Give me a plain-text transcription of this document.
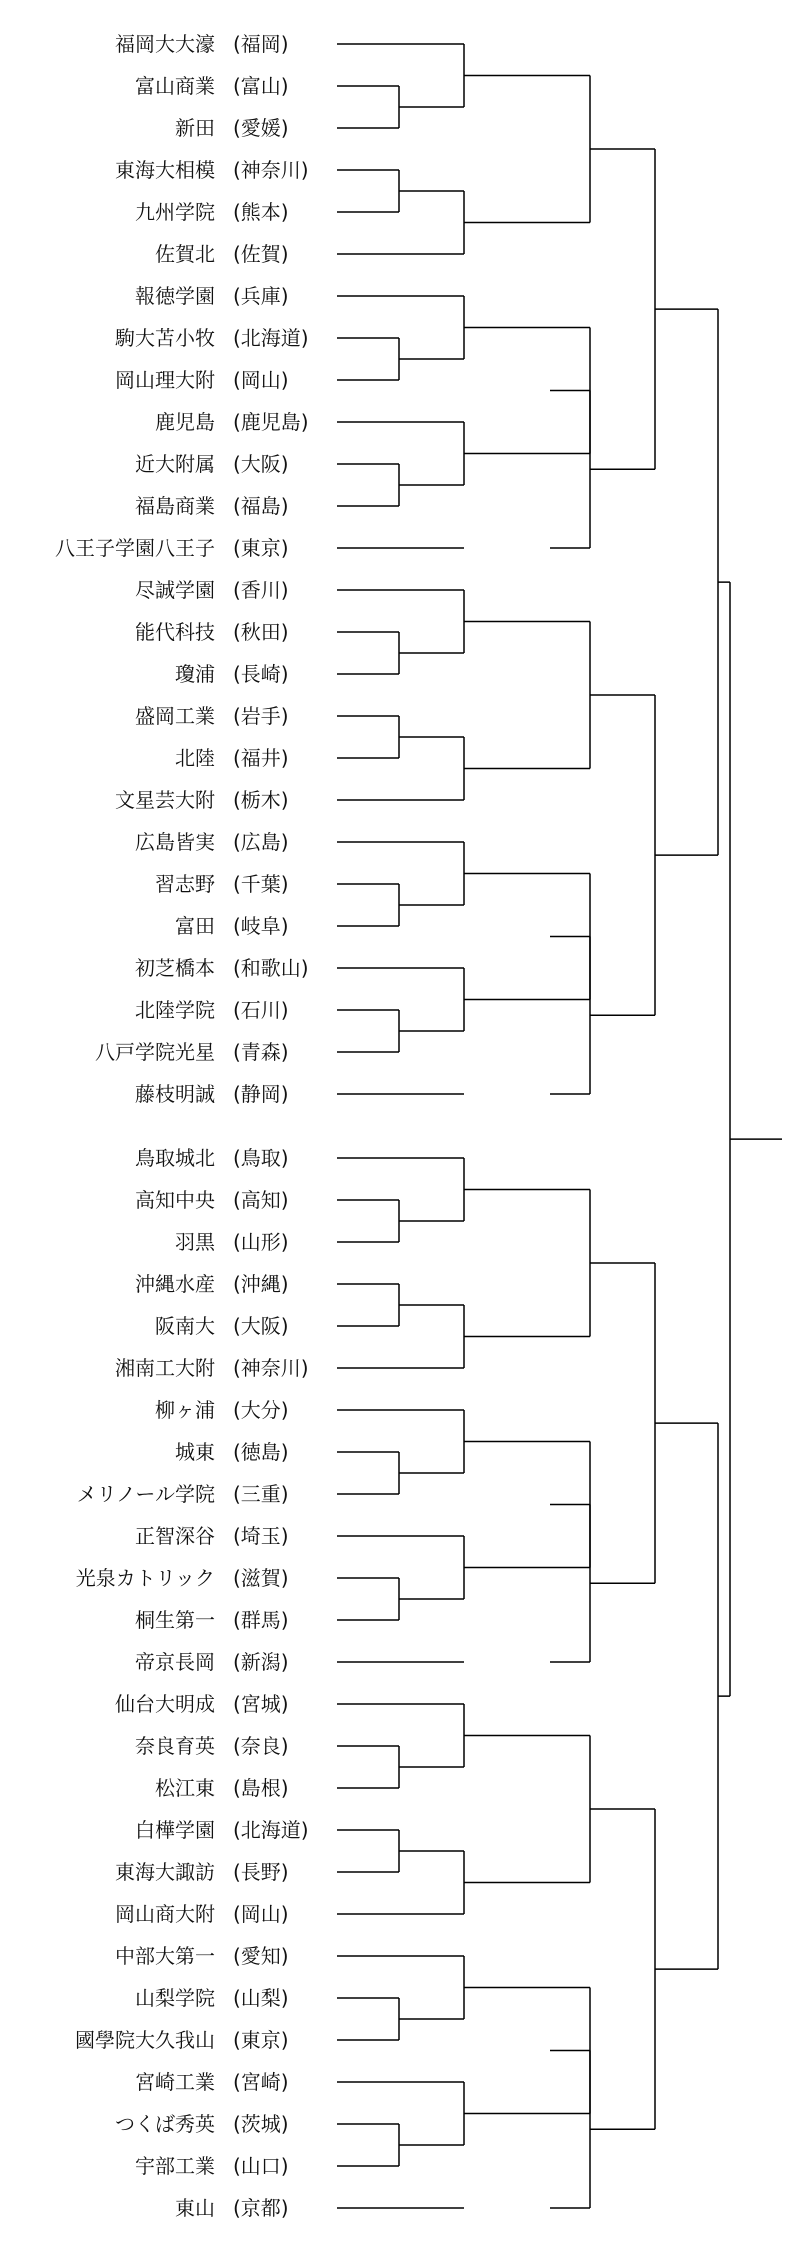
福岡大大濠 (福岡)
富山商業 (富山)
新田 (愛媛)
東海大相模 (神奈川)
九州学院 (熊本)
佐賀北 (佐賀)
報徳学園 (兵庫)
駒大苫小牧 (北海道)
岡山理大附 (岡山)
鹿児島 (鹿児島)
近大附属 (大阪)
福島商業 (福島)
八王子学園八王子 (東京)
尽誠学園 (香川)
能代科技 (秋田)
瓊浦 (長崎)
盛岡工業 (岩手)
北陸 (福井)
文星芸大附 (栃木)
広島皆実 (広島)
習志野 (千葉)
富田 (岐阜)
初芝橋本 (和歌山)
北陸学院 (石川)
八戸学院光星 (青森)
藤枝明誠 (静岡)
鳥取城北 (鳥取)
高知中央 (高知)
羽黒 (山形)
沖縄水産 (沖縄)
阪南大 (大阪)
湘南工大附 (神奈川)
柳ヶ浦 (大分)
城東 (徳島)
メリノール学院 (三重)
正智深谷 (埼玉)
光泉カトリック (滋賀)
桐生第一 (群馬)
帝京長岡 (新潟)
仙台大明成 (宮城)
奈良育英 (奈良)
松江東 (島根)
白樺学園 (北海道)
東海大諏訪 (長野)
岡山商大附 (岡山)
中部大第一 (愛知)
山梨学院 (山梨)
國學院大久我山 (東京)
宮崎工業 (宮崎)
つくば秀英 (茨城)
宇部工業 (山口)
東山 (京都)
